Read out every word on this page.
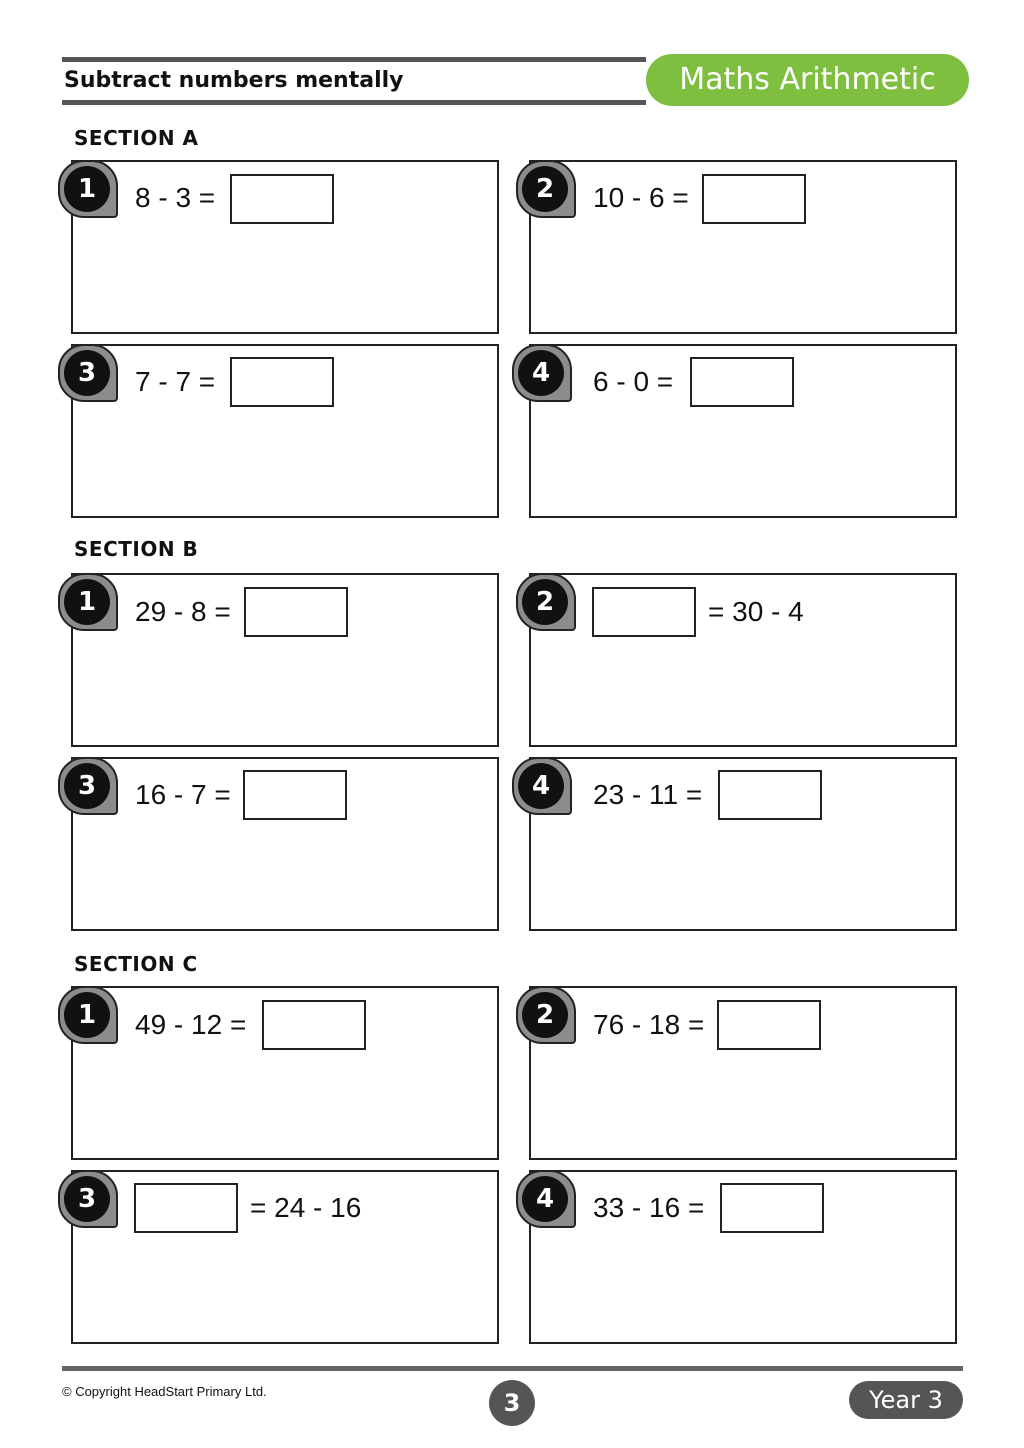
Subtract numbers mentally	Maths Arithmetic
SECTION A
1	8 - 3 =	2	10 - 6 =
3	7 - 7 =	4	6 - 0 =
SECTION B
1	29 - 8 =	2	= 30 - 4
3	16 - 7 =	4	23 - 11 =
SECTION C
1	49 - 12 =	2	76 - 18 =
3	= 24 - 16	4	33 - 16 =
© Copyright HeadStart Primary Ltd.	3	Year 3
